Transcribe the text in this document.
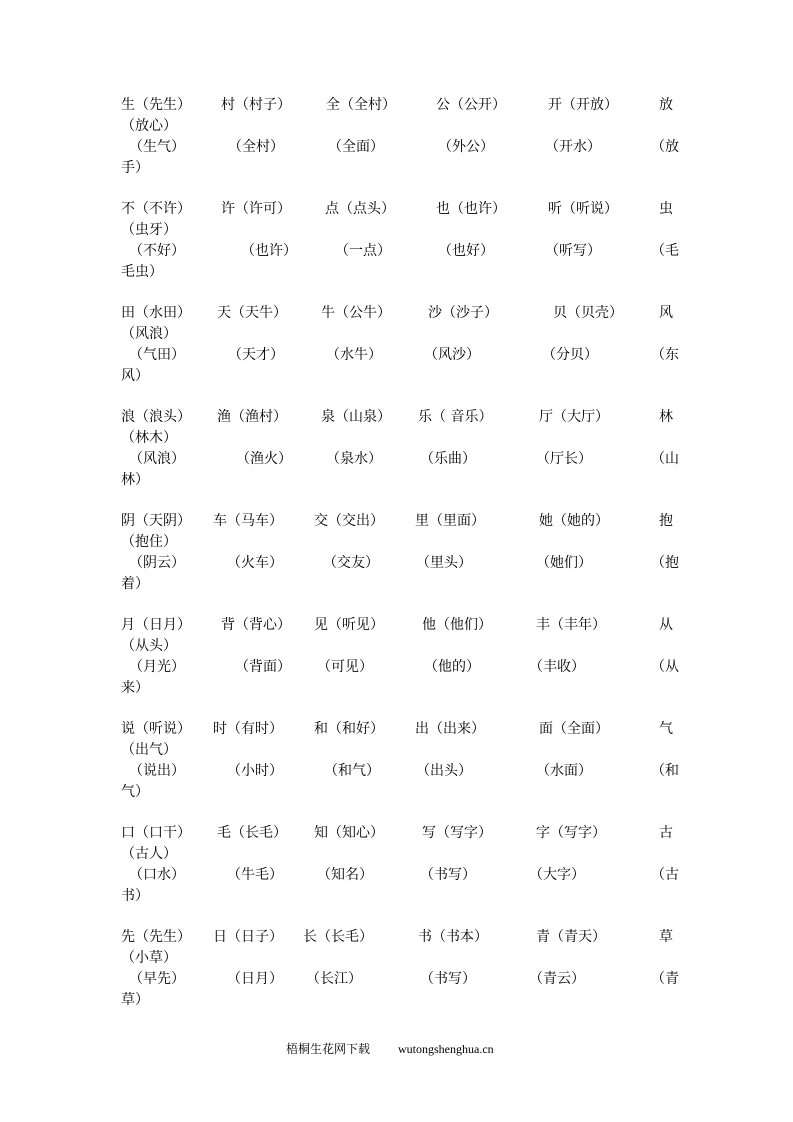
生（先生） 村（村子）	全（全村）	公（公开）	开（开放）	放
（放心）
（生气）	（全村）	（全面）	（外公）	（开水）	（放
手）
不（不许） 许（许可） 点（点头）	也（也许）	听（听说）	虫
（虫牙）
（不好）	（也许）	（一点）	（也好）	（听写）	（毛
毛虫）
田（水田） 天（天牛） 牛（公牛）	沙（沙子）	贝（贝壳）	风
（风浪）
（气田）	（天才）	（水牛）	（风沙）	（分贝）	（东
风）
浪（浪头） 渔（渔村） 泉（山泉） 乐（ 音乐）	厅（大厅）	林
（林木）
（风浪）	（渔火） （泉水）	（乐曲）	（厅长）	（山
林）
阴（天阴） 车（马车） 交（交出） 里（里面）	她（她的）	抱
（抱住）
（阴云）	（火车）	（交友）	（里头）	（她们）	（抱
着）
月（日月） 背（背心） 见（听见）	他（他们）	丰（丰年）	从
（从头）
（月光）	（背面） （可见）	（他的）	（丰收）	（从
来）
说（听说） 时（有时） 和（和好） 出（出来）	面（全面）	气
（出气）
（说出）	（小时）	（和气）	（出头）	（水面）	（和
气）
口（口干） 毛（长毛） 知（知心）	写（写字）	字（写字）	古
（古人）
（口水）	（牛毛） （知名）	（书写）	（大字）	（古
书）
先（先生） 日（日子） 长（长毛）	书（书本）	青（青天）	草
（小草）
（早先）	（日月） （长江）	（书写）	（青云）	（青
草）
梧桐生花网下载 wutongshenghua.cn
